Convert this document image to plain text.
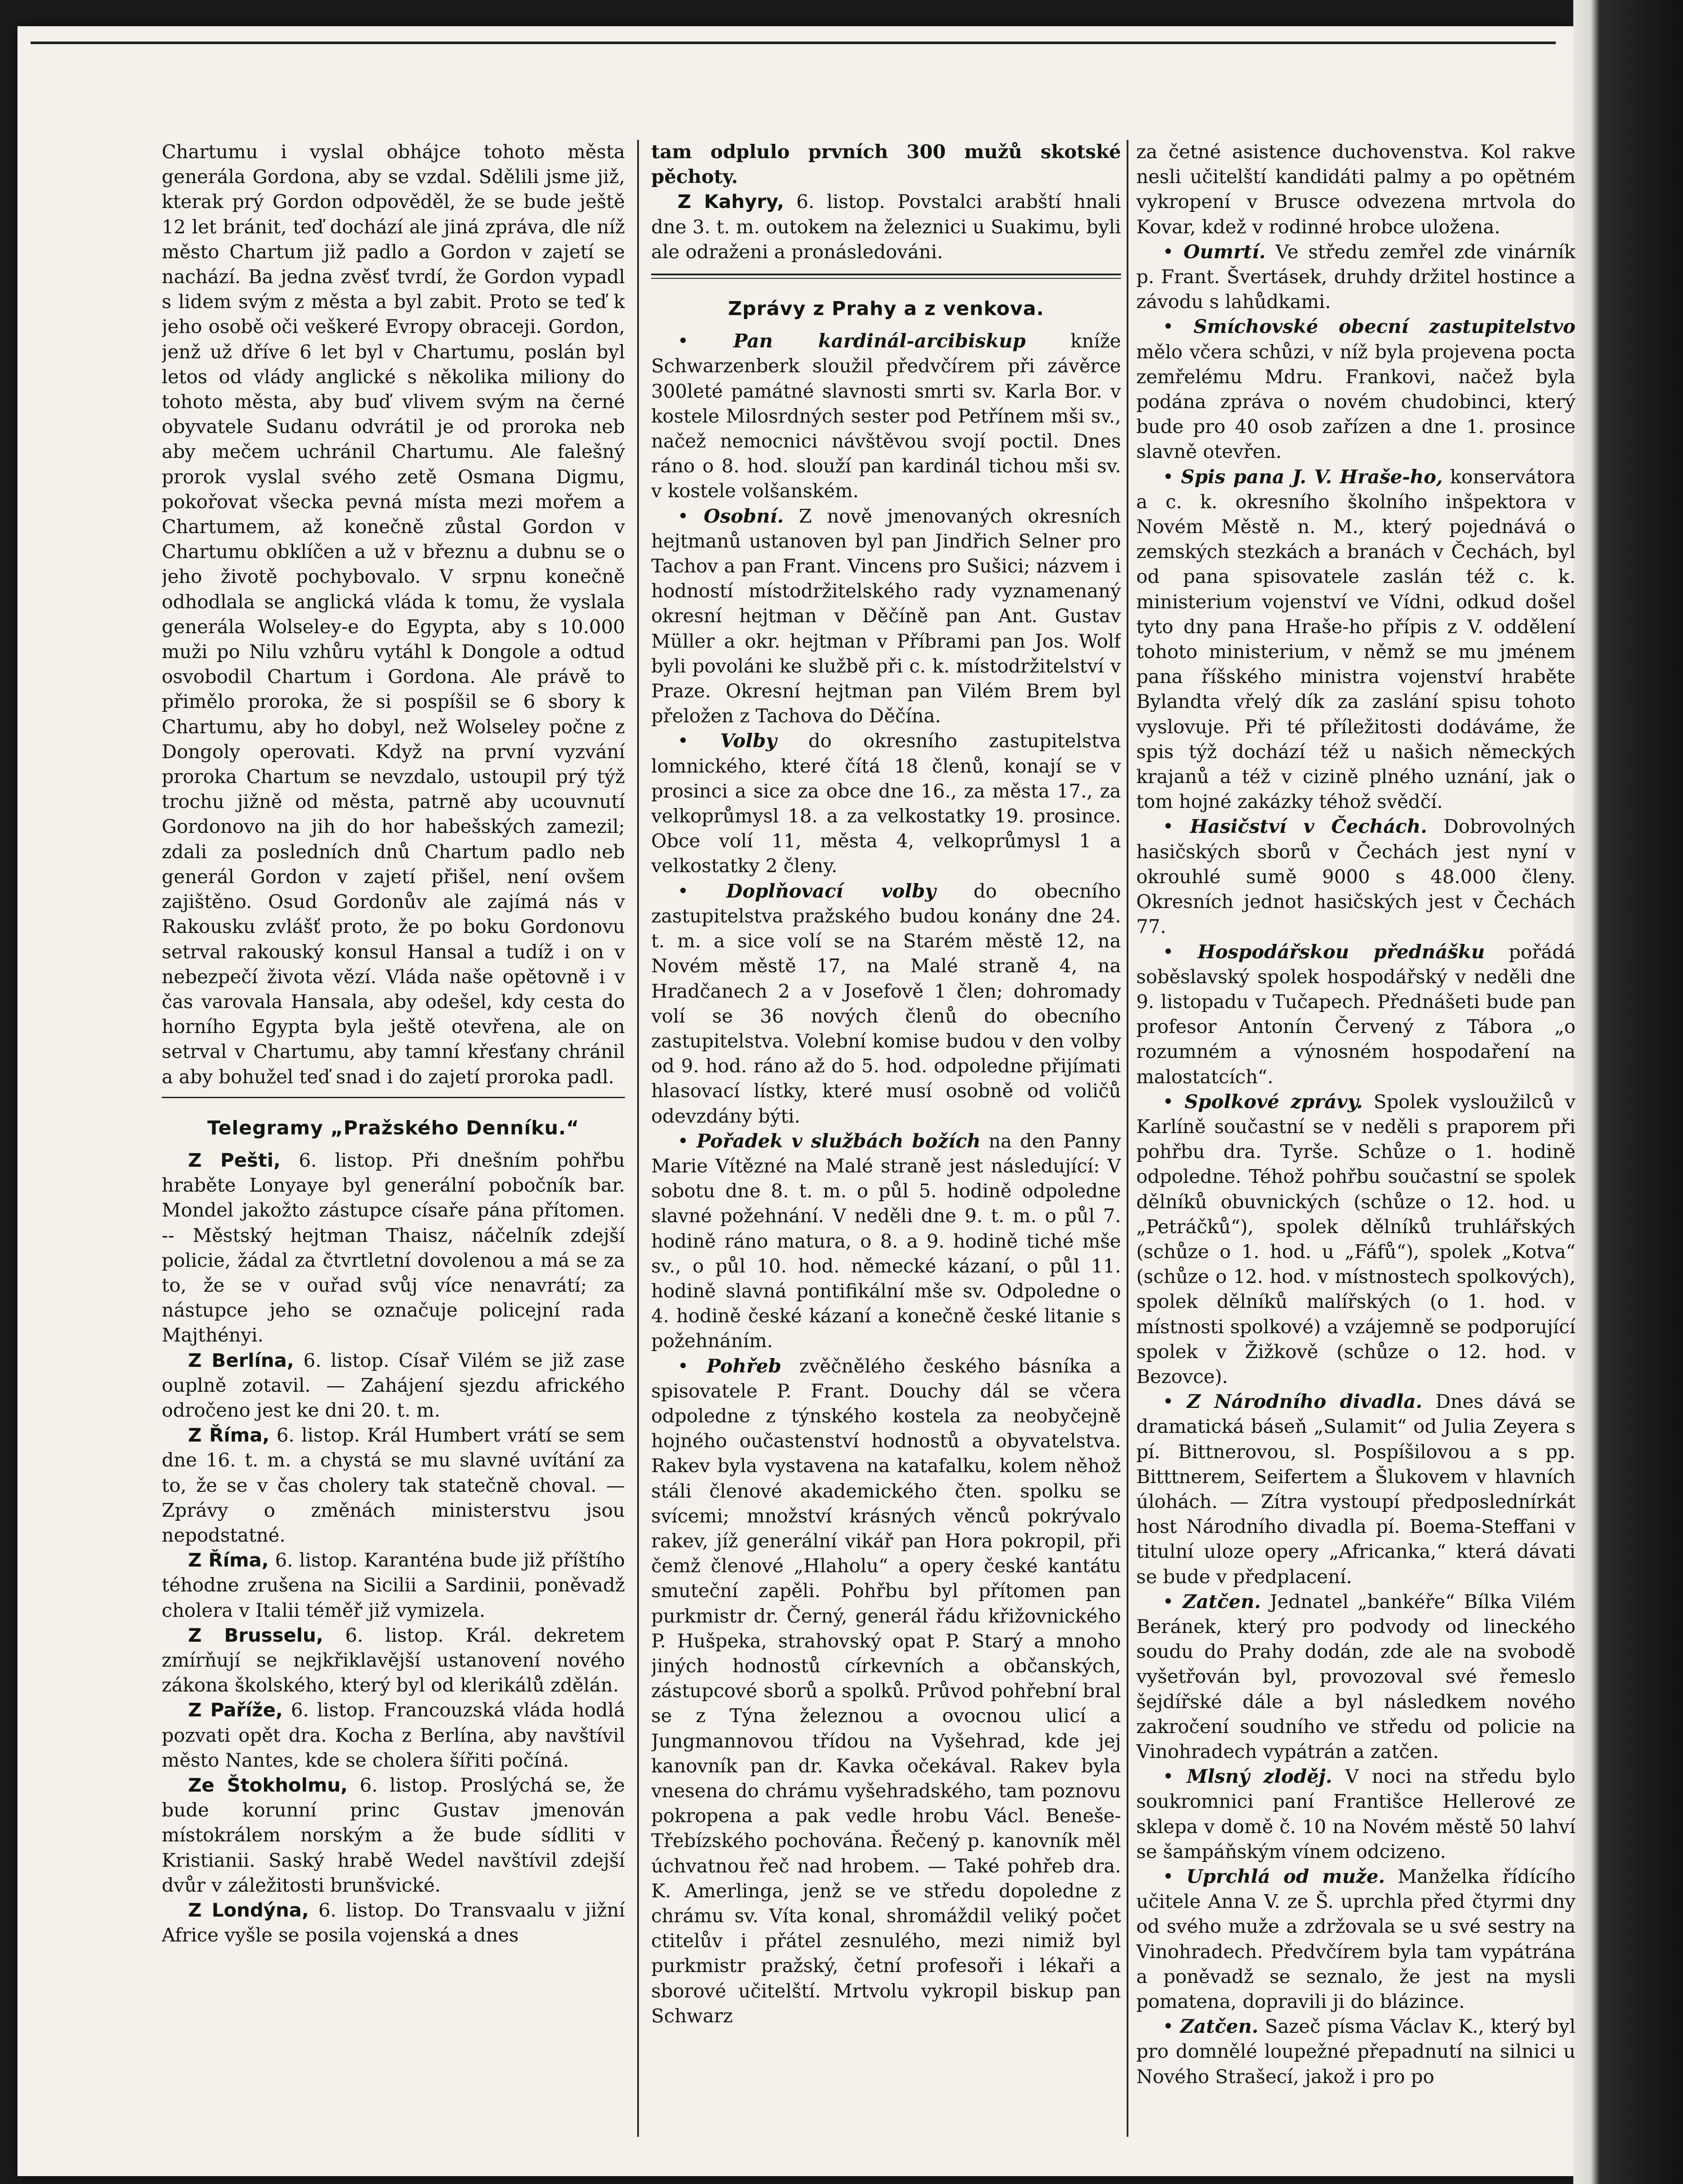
Chartumu i vyslal obhájce tohoto města generála Gordona, aby se vzdal. Sdělili jsme již, kterak prý Gordon odpověděl, že se bude ještě 12 let bránit, teď dochází ale jiná zpráva, dle níž město Chartum již padlo a Gordon v zajetí se nachází. Ba jedna zvěsť tvrdí, že Gordon vypadl s lidem svým z města a byl zabit. Proto se teď k jeho osobě oči veškeré Evropy obraceji. Gordon, jenž už dříve 6 let byl v Chartumu, poslán byl letos od vlády anglické s několika miliony do tohoto města, aby buď vlivem svým na černé obyvatele Sudanu odvrátil je od proroka neb aby mečem uchránil Chartumu. Ale falešný prorok vyslal svého zetě Osmana Digmu, pokořovat všecka pevná místa mezi mořem a Chartumem, až konečně zůstal Gordon v Chartumu obklíčen a už v březnu a dubnu se o jeho životě pochybovalo. V srpnu konečně odhodlala se anglická vláda k tomu, že vyslala generála Wolseley-e do Egypta, aby s 10.000 muži po Nilu vzhůru vytáhl k Dongole a odtud osvobodil Chartum i Gordona. Ale právě to přimělo proroka, že si pospíšil se 6 sbory k Chartumu, aby ho dobyl, než Wolseley počne z Dongoly operovati. Když na první vyzvání proroka Chartum se nevzdalo, ustoupil prý týž trochu jižně od města, patrně aby ucouvnutí Gordonovo na jih do hor habešských zamezil; zdali za posledních dnů Chartum padlo neb generál Gordon v zajetí přišel, není ovšem zajištěno. Osud Gordonův ale zajímá nás v Rakousku zvlášť proto, že po boku Gordonovu setrval rakouský konsul Hansal a tudíž i on v nebezpečí života vězí. Vláda naše opětovně i v čas varovala Hansala, aby odešel, kdy cesta do horního Egypta byla ještě otevřena, ale on setrval v Chartumu, aby tamní křesťany chránil a aby bohužel teď snad i do zajetí proroka padl.

Telegramy „Pražského Denníku.“

Z Pešti, 6. listop. Při dnešním pohřbu hraběte Lonyaye byl generální pobočník bar. Mondel jakožto zástupce císaře pána přítomen. -- Městský hejtman Thaisz, náčelník zdejší policie, žádal za čtvrtletní dovolenou a má se za to, že se v ouřad svůj více nenavrátí; za nástupce jeho se označuje policejní rada Majthényi.

Z Berlína, 6. listop. Císař Vilém se již zase ouplně zotavil. — Zahájení sjezdu afrického odročeno jest ke dni 20. t. m.

Z Říma, 6. listop. Král Humbert vrátí se sem dne 16. t. m. a chystá se mu slavné uvítání za to, že se v čas cholery tak statečně choval. — Zprávy o změnách ministerstvu jsou nepodstatné.

Z Říma, 6. listop. Karanténa bude již příštího téhodne zrušena na Sicilii a Sardinii, poněvadž cholera v Italii téměř již vymizela.

Z Brusselu, 6. listop. Král. dekretem zmírňují se nejkřiklavější ustanovení nového zákona školského, který byl od klerikálů zdělán.

Z Paříže, 6. listop. Francouzská vláda hodlá pozvati opět dra. Kocha z Berlína, aby navštívil město Nantes, kde se cholera šířiti počíná.

Ze Štokholmu, 6. listop. Proslýchá se, že bude korunní princ Gustav jmenován místokrálem norským a že bude sídliti v Kristianii. Saský hrabě Wedel navštívil zdejší dvůr v záležitosti brunšvické.

Z Londýna, 6. listop. Do Transvaalu v jižní Africe vyšle se posila vojenská a dnes

tam odplulo prvních 300 mužů skotské pěchoty.

Z Kahyry, 6. listop. Povstalci arabští hnali dne 3. t. m. outokem na železnici u Suakimu, byli ale odraženi a pronásledováni.

Zprávy z Prahy a z venkova.

• Pan kardinál-arcibiskup kníže Schwarzenberk sloužil předvčírem při závěrce 300leté památné slavnosti smrti sv. Karla Bor. v kostele Milosrdných sester pod Petřínem mši sv., načež nemocnici návštěvou svojí poctil. Dnes ráno o 8. hod. slouží pan kardinál tichou mši sv. v kostele volšanském.

• Osobní. Z nově jmenovaných okresních hejtmanů ustanoven byl pan Jindřich Selner pro Tachov a pan Frant. Vincens pro Sušici; názvem i hodností místodržitelského rady vyznamenaný okresní hejtman v Děčíně pan Ant. Gustav Müller a okr. hejtman v Příbrami pan Jos. Wolf byli povoláni ke službě při c. k. místodržitelství v Praze. Okresní hejtman pan Vilém Brem byl přeložen z Tachova do Děčína.

• Volby do okresního zastupitelstva lomnického, které čítá 18 členů, konají se v prosinci a sice za obce dne 16., za města 17., za velkoprůmysl 18. a za velkostatky 19. prosince. Obce volí 11, města 4, velkoprůmysl 1 a velkostatky 2 členy.

• Doplňovací volby do obecního zastupitelstva pražského budou konány dne 24. t. m. a sice volí se na Starém městě 12, na Novém městě 17, na Malé straně 4, na Hradčanech 2 a v Josefově 1 člen; dohromady volí se 36 nových členů do obecního zastupitelstva. Volební komise budou v den volby od 9. hod. ráno až do 5. hod. odpoledne přijímati hlasovací lístky, které musí osobně od voličů odevzdány býti.

• Pořadek v službách božích na den Panny Marie Vítězné na Malé straně jest následující: V sobotu dne 8. t. m. o půl 5. hodině odpoledne slavné požehnání. V neděli dne 9. t. m. o půl 7. hodině ráno matura, o 8. a 9. hodině tiché mše sv., o půl 10. hod. německé kázaní, o půl 11. hodině slavná pontifikální mše sv. Odpoledne o 4. hodině české kázaní a konečně české litanie s požehnáním.

• Pohřeb zvěčnělého českého básníka a spisovatele P. Frant. Douchy dál se včera odpoledne z týnského kostela za neobyčejně hojného oučastenství hodnostů a obyvatelstva. Rakev byla vystavena na katafalku, kolem něhož stáli členové akademického čten. spolku se svícemi; množství krásných věnců pokrývalo rakev, jíž generální vikář pan Hora pokropil, při čemž členové „Hlaholu“ a opery české kantátu smuteční zapěli. Pohřbu byl přítomen pan purkmistr dr. Černý, generál řádu křižovnického P. Hušpeka, strahovský opat P. Starý a mnoho jiných hodnostů církevních a občanských, zástupcové sborů a spolků. Průvod pohřební bral se z Týna železnou a ovocnou ulicí a Jungmannovou třídou na Vyšehrad, kde jej kanovník pan dr. Kavka očekával. Rakev byla vnesena do chrámu vyšehradského, tam poznovu pokropena a pak vedle hrobu Václ. Beneše-Třebízského pochována. Řečený p. kanovník měl úchvatnou řeč nad hrobem. — Také pohřeb dra. K. Amerlinga, jenž se ve středu dopoledne z chrámu sv. Víta konal, shromáždil veliký počet ctitelův i přátel zesnulého, mezi nimiž byl purkmistr pražský, četní profesoři i lékaři a sborové učitelští. Mrtvolu vykropil biskup pan Schwarz

za četné asistence duchovenstva. Kol rakve nesli učitelští kandidáti palmy a po opětném vykropení v Brusce odvezena mrtvola do Kovar, kdež v rodinné hrobce uložena.

• Oumrtí. Ve středu zemřel zde vinárník p. Frant. Švertásek, druhdy držitel hostince a závodu s lahůdkami.

• Smíchovské obecní zastupitelstvo mělo včera schůzi, v níž byla projevena pocta zemřelému Mdru. Frankovi, načež byla podána zpráva o novém chudobinci, který bude pro 40 osob zařízen a dne 1. prosince slavně otevřen.

• Spis pana J. V. Hraše-ho, konservátora a c. k. okresního školního inšpektora v Novém Městě n. M., který pojednává o zemských stezkách a branách v Čechách, byl od pana spisovatele zaslán též c. k. ministerium vojenství ve Vídni, odkud došel tyto dny pana Hraše-ho přípis z V. oddělení tohoto ministerium, v němž se mu jménem pana říšského ministra vojenství hraběte Bylandta vřelý dík za zaslání spisu tohoto vyslovuje. Při té příležitosti dodáváme, že spis týž dochází též u našich německých krajanů a též v cizině plného uznání, jak o tom hojné zakázky téhož svědčí.

• Hasičství v Čechách. Dobrovolných hasičských sborů v Čechách jest nyní v okrouhlé sumě 9000 s 48.000 členy. Okresních jednot hasičských jest v Čechách 77.

• Hospodářskou přednášku pořádá soběslavský spolek hospodářský v neděli dne 9. listopadu v Tučapech. Přednášeti bude pan profesor Antonín Červený z Tábora „o rozumném a výnosném hospodaření na malostatcích“.

• Spolkové zprávy. Spolek vysloužilců v Karlíně součastní se v neděli s praporem při pohřbu dra. Tyrše. Schůze o 1. hodině odpoledne. Téhož pohřbu součastní se spolek dělníků obuvnických (schůze o 12. hod. u „Petráčků“), spolek dělníků truhlářských (schůze o 1. hod. u „Fáfů“), spolek „Kotva“ (schůze o 12. hod. v místnostech spolkových), spolek dělníků malířských (o 1. hod. v místnosti spolkové) a vzájemně se podporující spolek v Žižkově (schůze o 12. hod. v Bezovce).

• Z Národního divadla. Dnes dává se dramatická báseň „Sulamit“ od Julia Zeyera s pí. Bittnerovou, sl. Pospíšilovou a s pp. Bitttnerem, Seifertem a Šlukovem v hlavních úlohách. — Zítra vystoupí předposlednírkát host Národního divadla pí. Boema-Steffani v titulní uloze opery „Africanka,“ která dávati se bude v předplacení.

• Zatčen. Jednatel „bankéře“ Bílka Vilém Beránek, který pro podvody od lineckého soudu do Prahy dodán, zde ale na svobodě vyšetřován byl, provozoval své řemeslo šejdířské dále a byl následkem nového zakročení soudního ve středu od policie na Vinohradech vypátrán a zatčen.

• Mlsný zloděj. V noci na středu bylo soukromnici paní Františce Hellerové ze sklepa v domě č. 10 na Novém městě 50 lahví se šampáňským vínem odcizeno.

• Uprchlá od muže. Manželka řídícího učitele Anna V. ze Š. uprchla před čtyrmi dny od svého muže a zdržovala se u své sestry na Vinohradech. Předvčírem byla tam vypátrána a poněvadž se seznalo, že jest na mysli pomatena, dopravili ji do blázince.

• Zatčen. Sazeč písma Václav K., který byl pro domnělé loupežné přepadnutí na silnici u Nového Strašecí, jakož i pro po
